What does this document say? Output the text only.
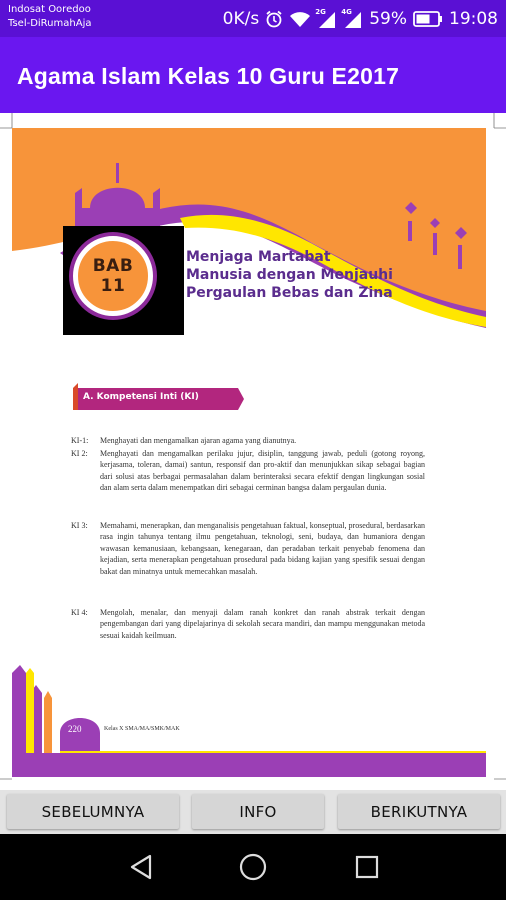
Indosat Ooredoo
Tsel-DiRumahAja	0K/s	2G 4G 59% 19:08
Agama Islam Kelas 10 Guru E2017
BAB
11
Menjaga Martabat
Manusia dengan Menjauhi
Pergaulan Bebas dan Zina
A. Kompetensi Inti (KI)
KI-1:	Menghayati dan mengamalkan ajaran agama yang dianutnya.
KI 2:	Menghayati dan mengamalkan perilaku jujur, disiplin, tanggung jawab, peduli (gotong royong, kerjasama, toleran, damai) santun, responsif dan pro-aktif dan menunjukkan sikap sebagai bagian dari solusi atas berbagai permasalahan dalam berinteraksi secara efektif dengan lingkungan sosial dan alam serta dalam menempatkan diri sebagai cerminan bangsa dalam pergaulan dunia.
KI 3:	Memahami, menerapkan, dan menganalisis pengetahuan faktual, konseptual, prosedural, berdasarkan rasa ingin tahunya tentang ilmu pengetahuan, teknologi, seni, budaya, dan humaniora dengan wawasan kemanusiaan, kebangsaan, kenegaraan, dan peradaban terkait penyebab fenomena dan kejadian, serta menerapkan pengetahuan prosedural pada bidang kajian yang spesifik sesuai dengan bakat dan minatnya untuk memecahkan masalah.
KI 4:	Mengolah, menalar, dan menyaji dalam ranah konkret dan ranah abstrak terkait dengan pengembangan dari yang dipelajarinya di sekolah secara mandiri, dan mampu menggunakan metoda sesuai kaidah keilmuan.
220	Kelas X SMA/MA/SMK/MAK
SEBELUMNYA	INFO	BERIKUTNYA
